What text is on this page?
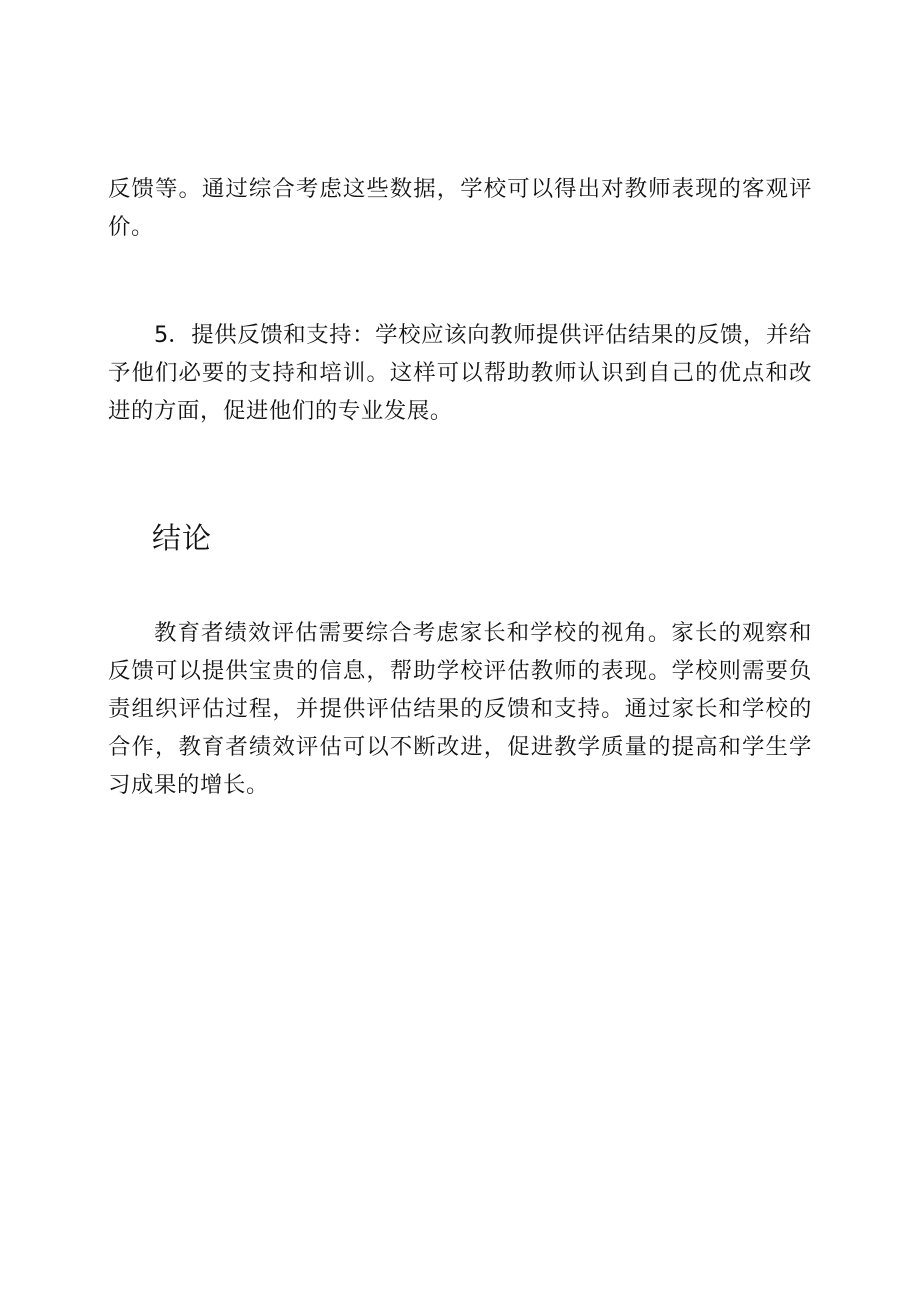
反馈等。通过综合考虑这些数据，学校可以得出对教师表现的客观评价。

5．提供反馈和支持：学校应该向教师提供评估结果的反馈，并给予他们必要的支持和培训。这样可以帮助教师认识到自己的优点和改进的方面，促进他们的专业发展。

结论

教育者绩效评估需要综合考虑家长和学校的视角。家长的观察和反馈可以提供宝贵的信息，帮助学校评估教师的表现。学校则需要负责组织评估过程，并提供评估结果的反馈和支持。通过家长和学校的合作，教育者绩效评估可以不断改进，促进教学质量的提高和学生学习成果的增长。
